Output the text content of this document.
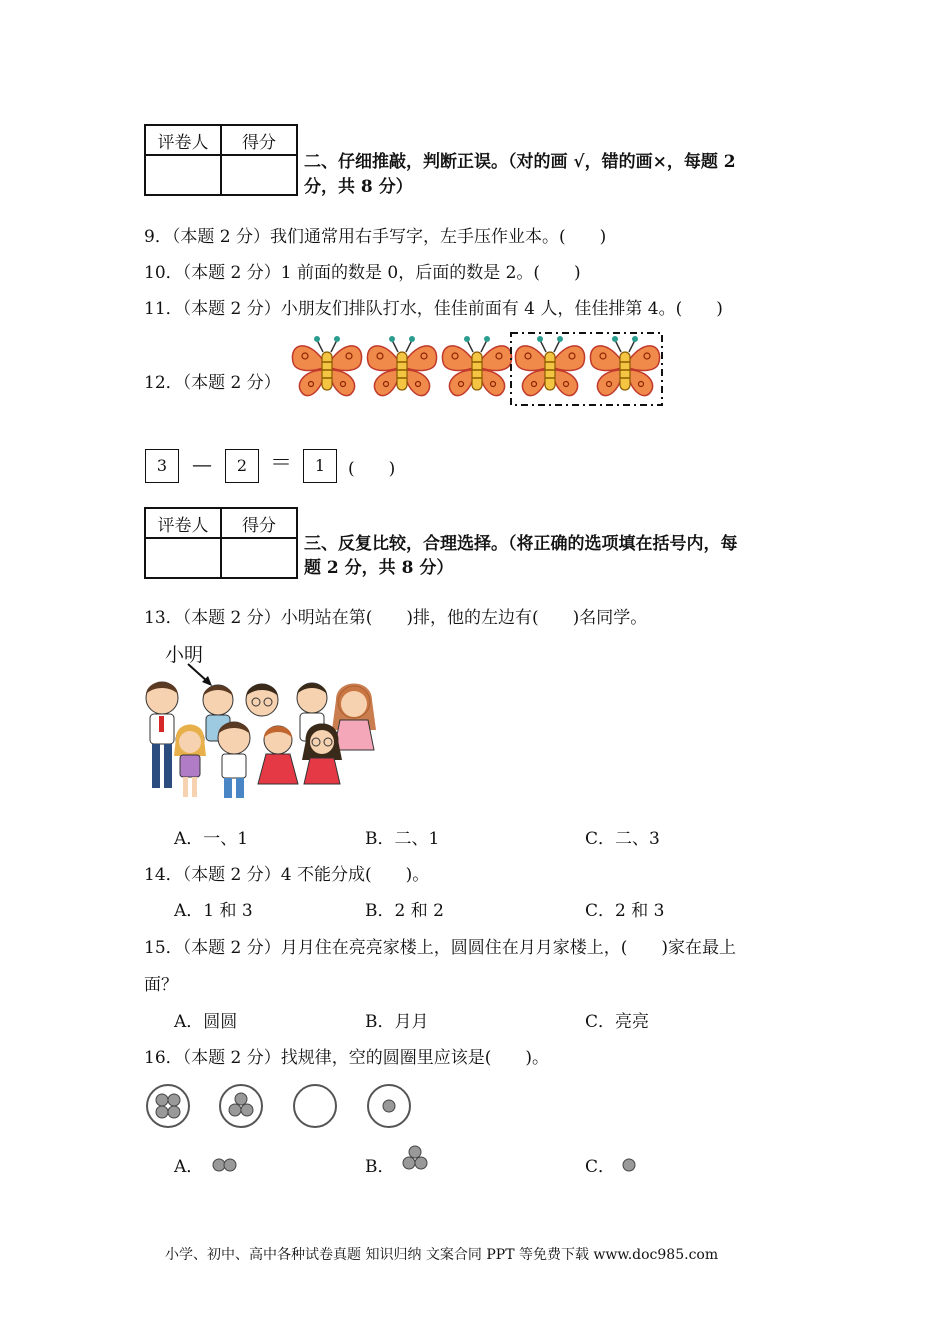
评卷人	得分

二、仔细推敲，判断正误。（对的画 √，错的画×，每题 2
分，共 8 分）
9．（本题 2 分）我们通常用右手写字，左手压作业本。(　　)
10．（本题 2 分）1 前面的数是 0，后面的数是 2。(　　)
11．（本题 2 分）小朋友们排队打水，佳佳前面有 4 人，佳佳排第 4。(　　)
12．（本题 2 分）
3	—	2	＝	1	(　　)
评卷人	得分

三、反复比较，合理选择。（将正确的选项填在括号内，每
题 2 分，共 8 分）
13．（本题 2 分）小明站在第(　　)排，他的左边有(　　)名同学。
小明
A．一、1	B．二、1	C．二、3
14．（本题 2 分）4 不能分成(　　)。
A．1 和 3	B．2 和 2	C．2 和 3
15．（本题 2 分）月月住在亮亮家楼上，圆圆住在月月家楼上，(　　)家在最上
面？
A．圆圆	B．月月	C．亮亮
16．（本题 2 分）找规律，空的圆圈里应该是(　　)。
A．	B．	C．
小学、初中、高中各种试卷真题 知识归纳 文案合同 PPT 等免费下载 www.doc985.com
